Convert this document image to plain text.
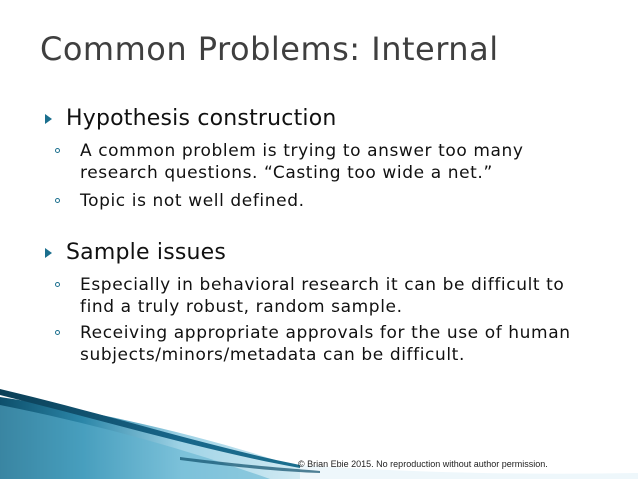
Common Problems: Internal
Hypothesis construction
A common problem is trying to answer too many research questions. “Casting too wide a net.”
Topic is not well defined.
Sample issues
Especially in behavioral research it can be difficult to find a truly robust, random sample.
Receiving appropriate approvals for the use of human subjects/minors/metadata can be difficult.
© Brian Ebie 2015. No reproduction without author permission.
